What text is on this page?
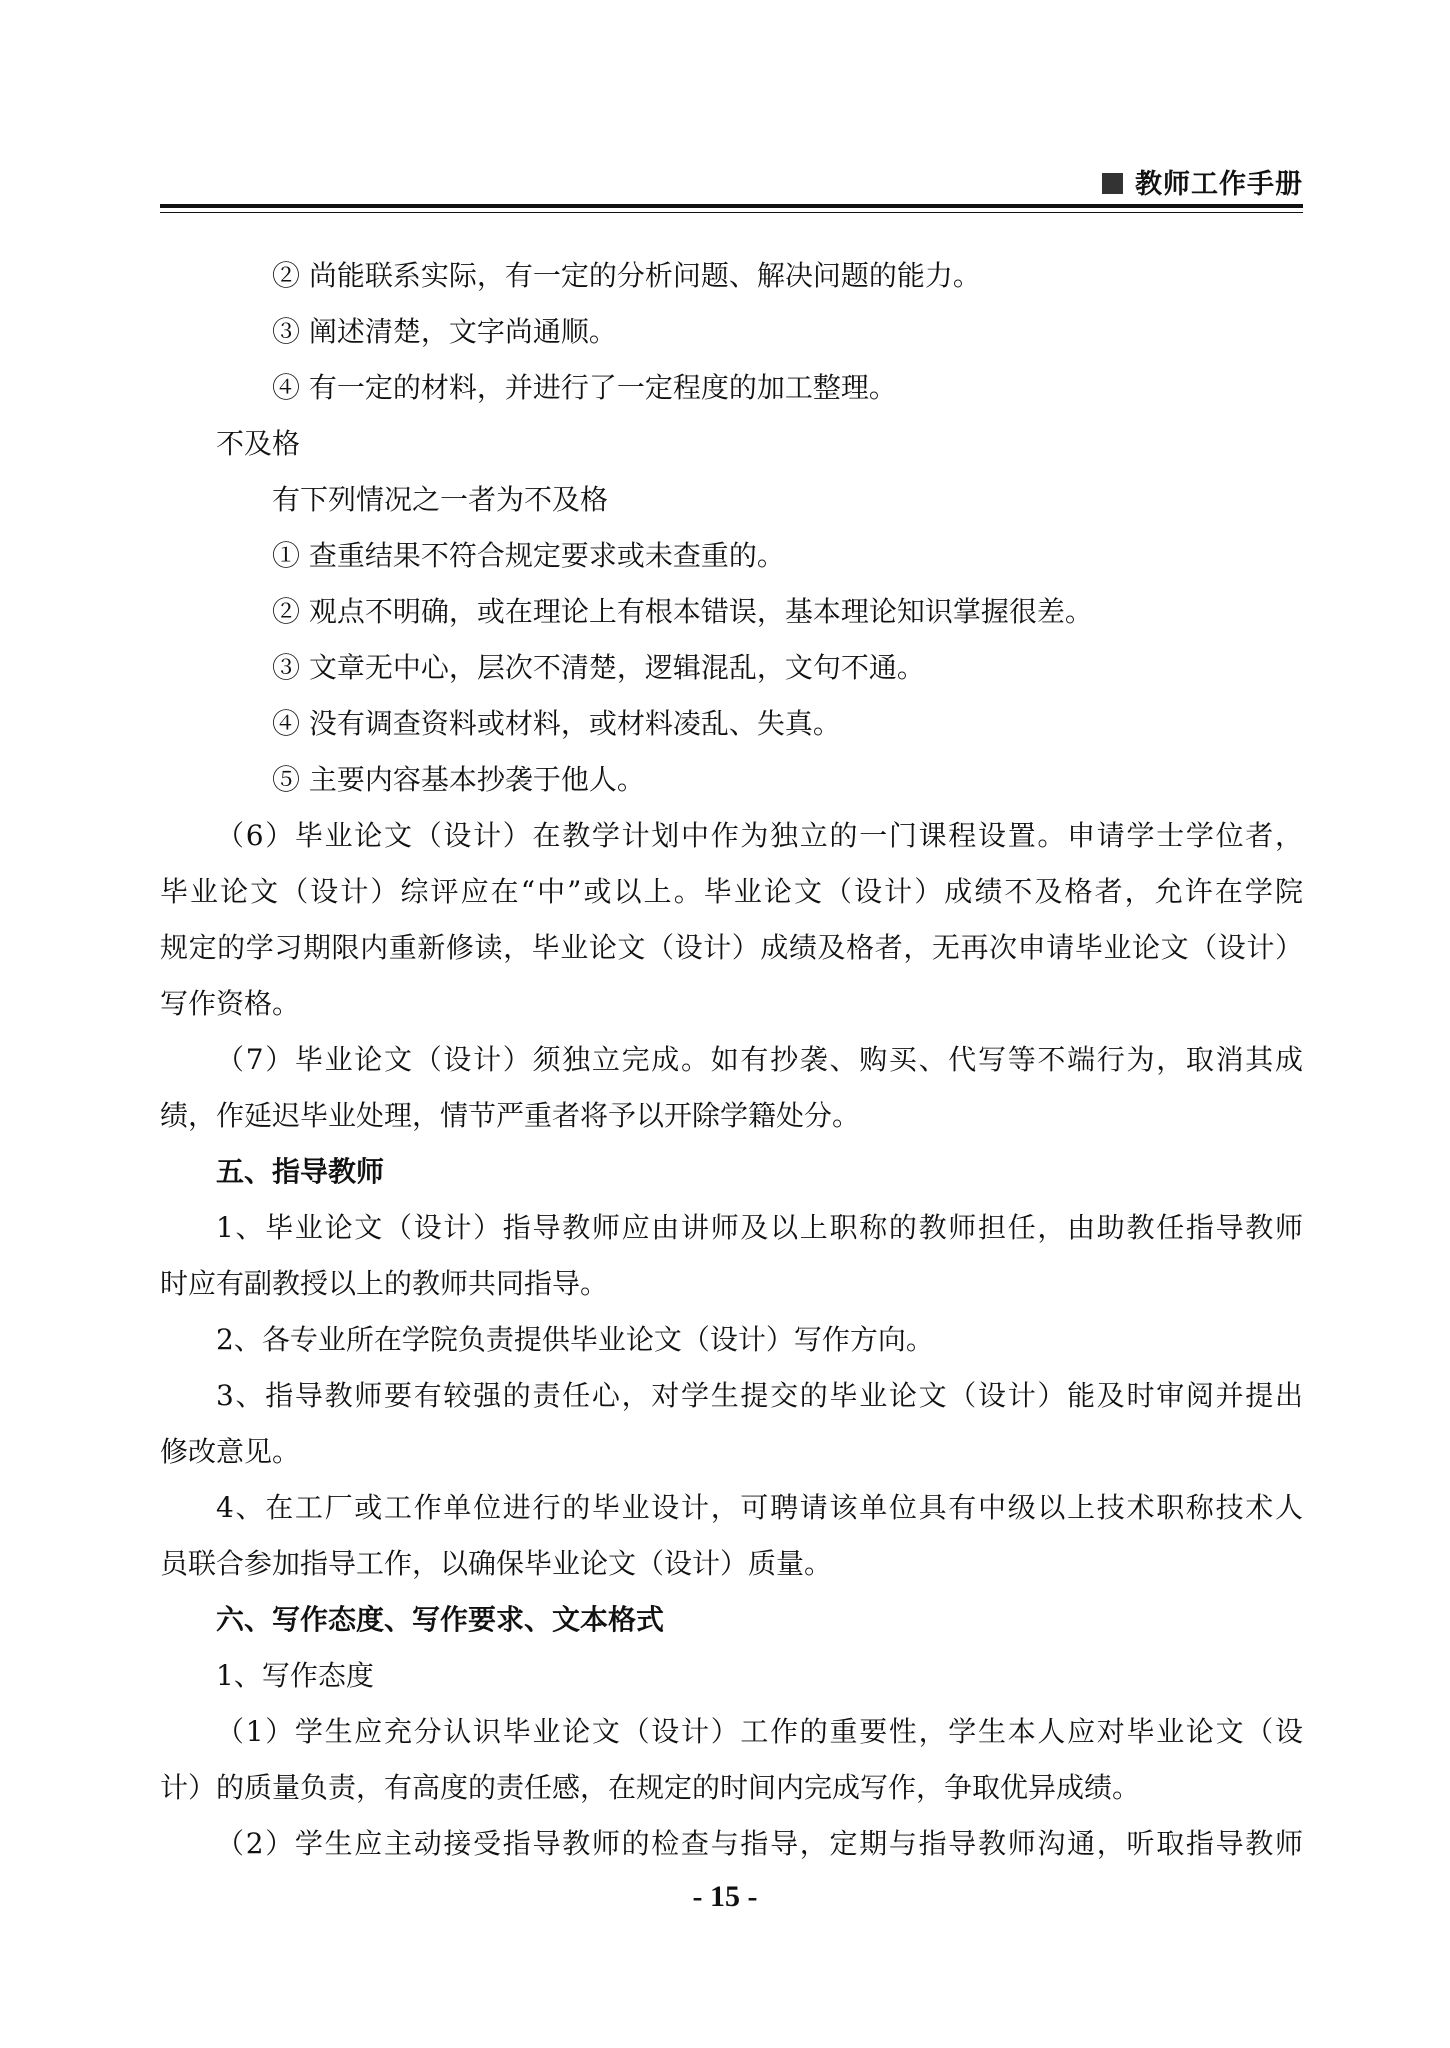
教师工作手册
② 尚能联系实际，有一定的分析问题、解决问题的能力。
③ 阐述清楚，文字尚通顺。
④ 有一定的材料，并进行了一定程度的加工整理。
不及格
有下列情况之一者为不及格
① 查重结果不符合规定要求或未查重的。
② 观点不明确，或在理论上有根本错误，基本理论知识掌握很差。
③ 文章无中心，层次不清楚，逻辑混乱，文句不通。
④ 没有调查资料或材料，或材料凌乱、失真。
⑤ 主要内容基本抄袭于他人。
（6）毕业论文（设计）在教学计划中作为独立的一门课程设置。申请学士学位者，
毕业论文（设计）综评应在“中”或以上。毕业论文（设计）成绩不及格者，允许在学院
规定的学习期限内重新修读，毕业论文（设计）成绩及格者，无再次申请毕业论文（设计）
写作资格。
（7）毕业论文（设计）须独立完成。如有抄袭、购买、代写等不端行为，取消其成
绩，作延迟毕业处理，情节严重者将予以开除学籍处分。
五、指导教师
1、毕业论文（设计）指导教师应由讲师及以上职称的教师担任，由助教任指导教师
时应有副教授以上的教师共同指导。
2、各专业所在学院负责提供毕业论文（设计）写作方向。
3、指导教师要有较强的责任心，对学生提交的毕业论文（设计）能及时审阅并提出
修改意见。
4、在工厂或工作单位进行的毕业设计，可聘请该单位具有中级以上技术职称技术人
员联合参加指导工作，以确保毕业论文（设计）质量。
六、写作态度、写作要求、文本格式
1、写作态度
（1）学生应充分认识毕业论文（设计）工作的重要性，学生本人应对毕业论文（设
计）的质量负责，有高度的责任感，在规定的时间内完成写作，争取优异成绩。
（2）学生应主动接受指导教师的检查与指导，定期与指导教师沟通，听取指导教师
- 15 -
